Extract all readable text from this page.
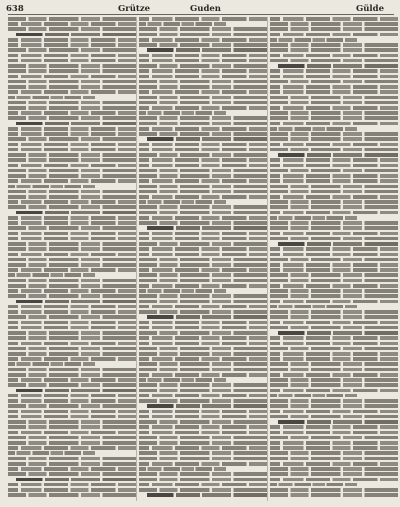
638	Grütze	Guden	Gülde
